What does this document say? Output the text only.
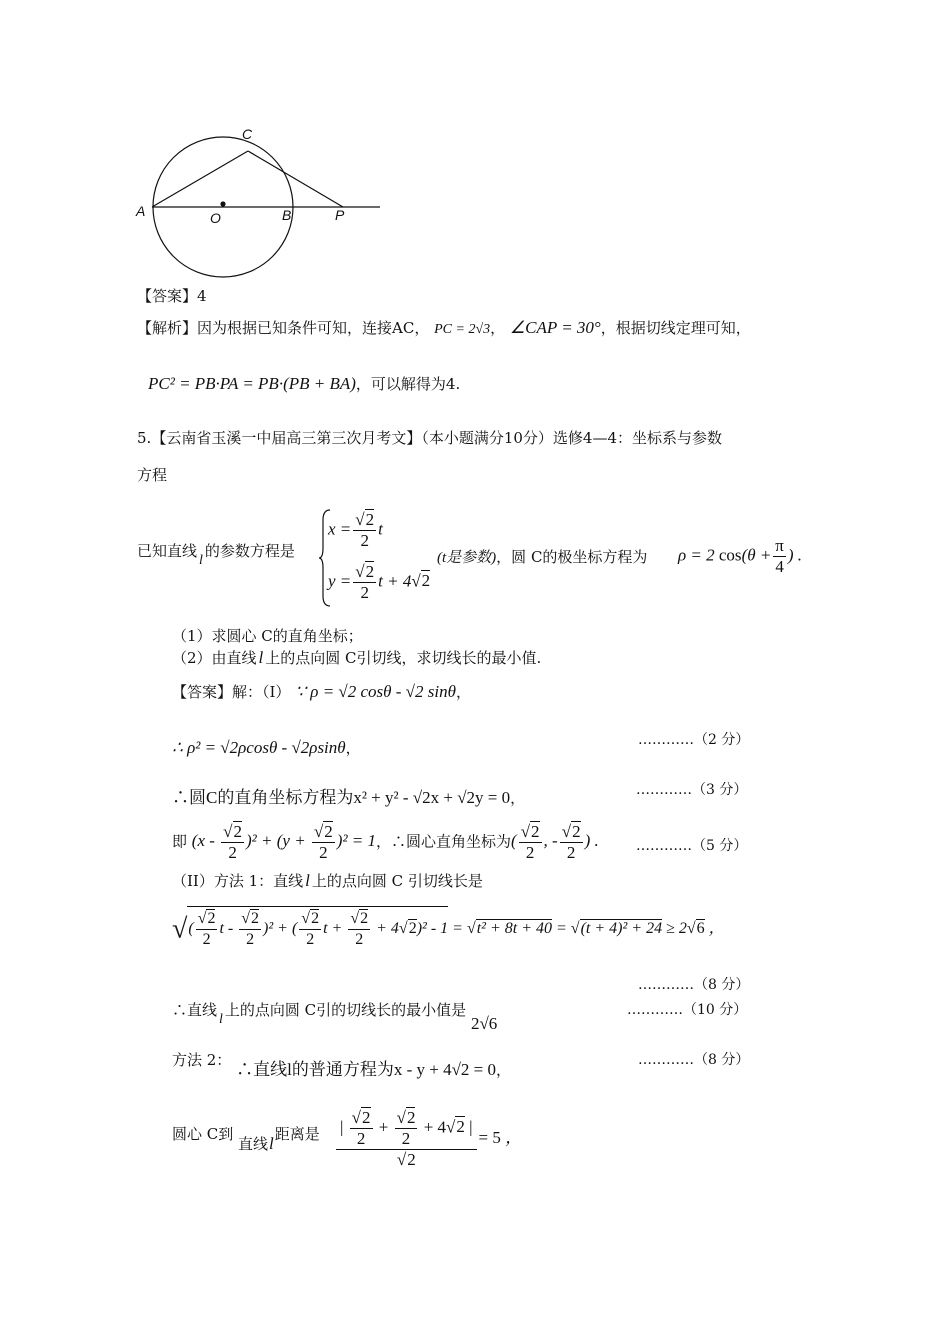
C
A	O	B	P
【答案】4
【解析】因为根据已知条件可知，连接AC， PC = 2√3， ∠CAP = 30°，根据切线定理可知，
PC² = PB·PA = PB·(PB + BA)，可以解得为4.
5.【云南省玉溪一中届高三第三次月考文】（本小题满分10分）选修4—4：坐标系与参数
方程
已知直线l的参数方程是
$x = \frac{√2}{2}$ t
$y = \frac{√2}{2}$ t + 4√2
(t是参数)，圆 C的极坐标方程为 ρ = 2 $\cos(\theta + \frac{\pi}{4}$ ) .
（1）求圆心 C的直角坐标；
（2）由直线 l 上的点向圆 C引切线，求切线长的最小值.
【答案】解：（I） ∵ ρ = √2 cosθ - √2 sinθ，
∴ ρ² = √2ρcosθ - √2ρsinθ，	…………（2 分）
∴圆C的直角坐标方程为x² + y² - √2x + √2y = 0，	…………（3 分）
即 $(x - \frac{√2}{2} )^2 + (y + \frac{√2}{2} )^2 = 1$，∴圆心直角坐标为( $\frac{√2}{2}$ , - $\frac{√2}{2}$ ) .	…………（5 分）
（II）方法 1：直线 l 上的点向圆 C 引切线长是
√( $\frac{√2}{2}$ t - $\frac{√2}{2} )^2$ + ( $\frac{√2}{2}$ $t + \frac{√2}{2} + 4√2)^2 - 1 = √t^2 + 8t + 40 = √(t + 4)^2 + 24 \ge 2√6$ ，
…………（8 分）
∴直线l上的点向圆 C引的切线长的最小值是 2√6
…………（10 分）
方法 2： ∴直线l的普通方程为x - y + 4√2 = 0，
…………（8 分）
圆心 C到 直线l距离是 $\frac{| \frac{√2}{2} + \frac{√2}{2} + 4√2 |}{√2} = 5$ ，
